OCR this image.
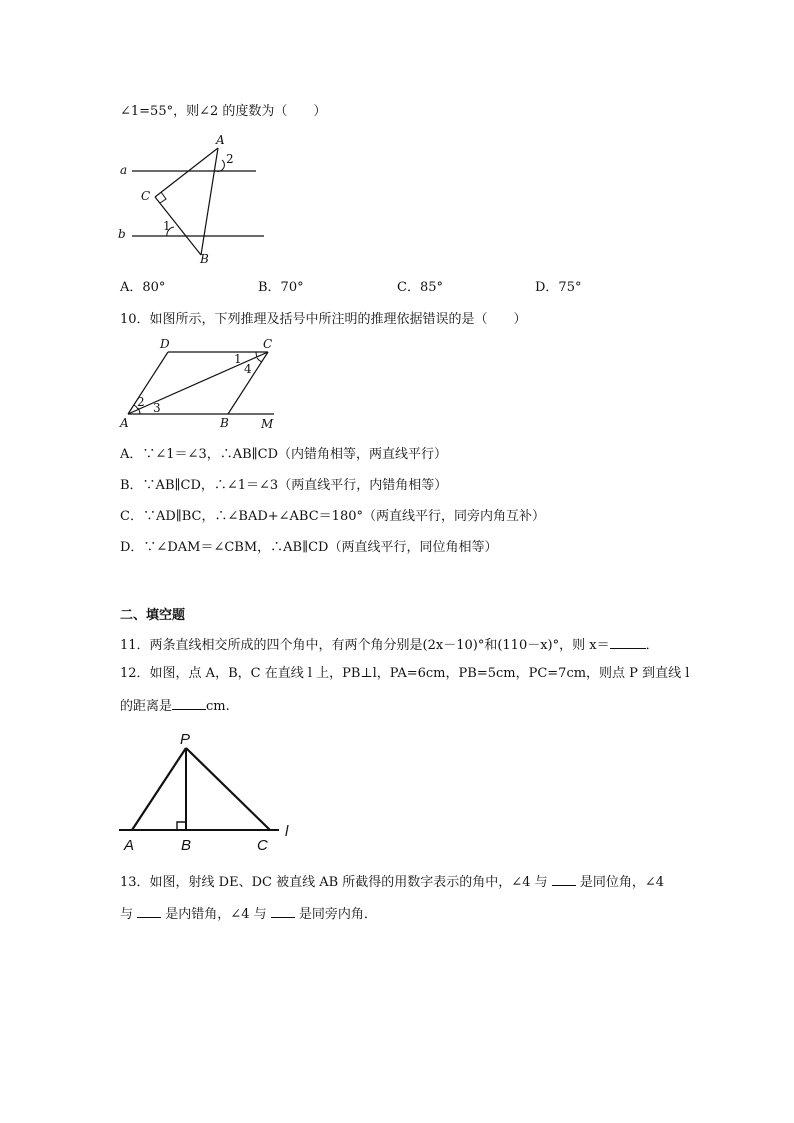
∠1=55°，则∠2 的度数为（　　）
A
B
C
a
b
1
2
A．80°	B．70°	C．85°	D．75°
10．如图所示，下列推理及括号中所注明的推理依据错误的是（　　）
D	C
A	B	M
1
2 3
4
A．∵∠1＝∠3，∴AB∥CD（内错角相等，两直线平行）
B．∵AB∥CD，∴∠1＝∠3（两直线平行，内错角相等）
C．∵AD∥BC，∴∠BAD+∠ABC＝180°（两直线平行，同旁内角互补）
D．∵∠DAM＝∠CBM，∴AB∥CD（两直线平行，同位角相等）
二、填空题
11．两条直线相交所成的四个角中，有两个角分别是(2x－10)°和(110－x)°，则 x＝	．
12．如图，点 A，B，C 在直线 l 上，PB⊥l，PA=6cm，PB=5cm，PC=7cm，则点 P 到直线 l
的距离是	cm.
P
A	B	C
l
13．如图，射线 DE、DC 被直线 AB 所截得的用数字表示的角中，∠4 与 是同位角，∠4
与 是内错角，∠4 与 是同旁内角．
